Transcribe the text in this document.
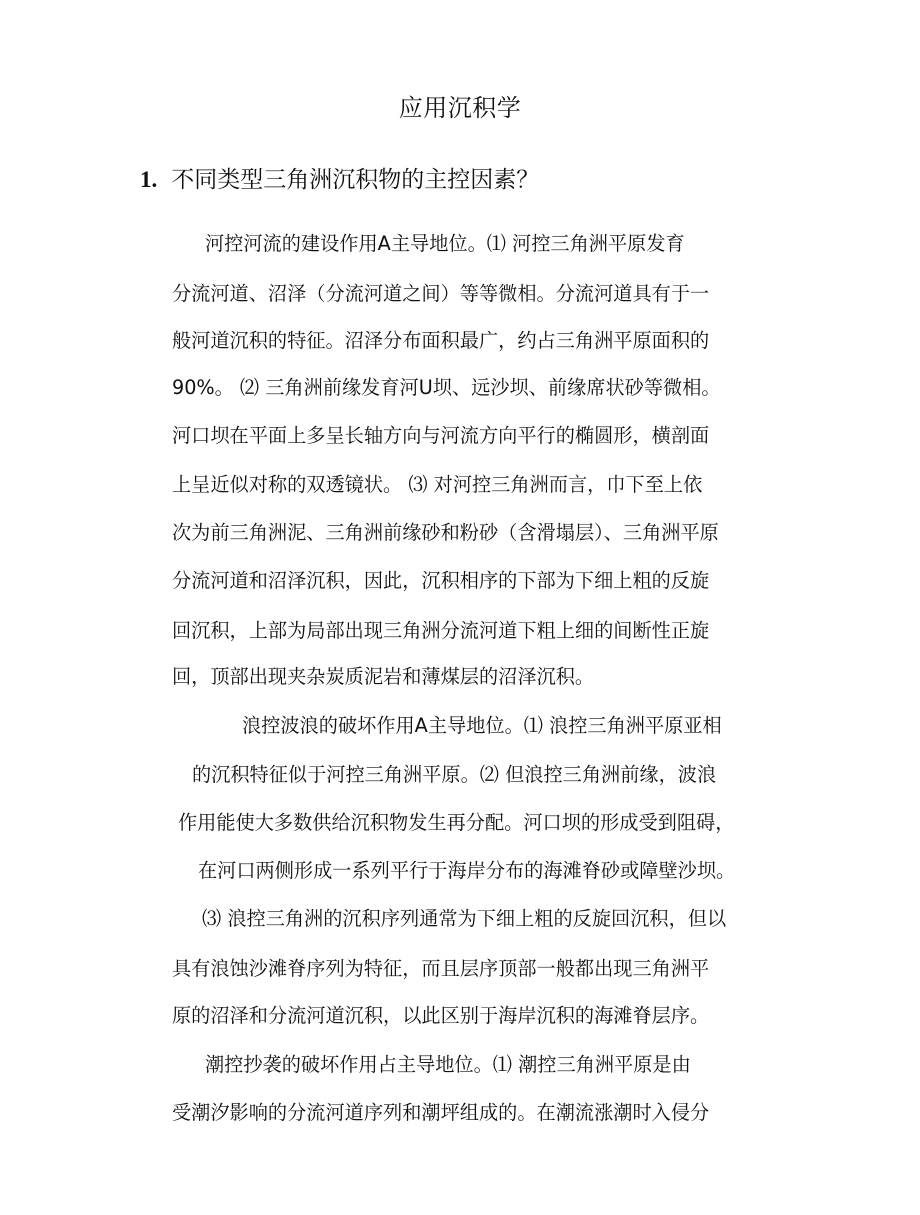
应用沉积学
1. 不同类型三角洲沉积物的主控因素？
河控河流的建设作用A主导地位。⑴ 河控三角洲平原发育
分流河道、沼泽（分流河道之间）等等微相。分流河道具有于一
般河道沉积的特征。沼泽分布面积最广，约占三角洲平原面积的
90%。 ⑵ 三角洲前缘发育河U坝、远沙坝、前缘席状砂等微相。
河口坝在平面上多呈长轴方向与河流方向平行的椭圆形，横剖面
上呈近似对称的双透镜状。 ⑶ 对河控三角洲而言，巾下至上依
次为前三角洲泥、三角洲前缘砂和粉砂（含滑塌层）、三角洲平原
分流河道和沼泽沉积，因此，沉积相序的下部为下细上粗的反旋
回沉积，上部为局部出现三角洲分流河道下粗上细的间断性正旋
回，顶部出现夹杂炭质泥岩和薄煤层的沼泽沉积。
浪控波浪的破坏作用A主导地位。⑴ 浪控三角洲平原亚相
的沉积特征似于河控三角洲平原。⑵ 但浪控三角洲前缘，波浪
作用能使大多数供给沉积物发生再分配。河口坝的形成受到阻碍，
在河口两侧形成一系列平行于海岸分布的海滩脊砂或障壁沙坝。
⑶ 浪控三角洲的沉积序列通常为下细上粗的反旋回沉积，但以
具有浪蚀沙滩脊序列为特征，而且层序顶部一般都出现三角洲平
原的沼泽和分流河道沉积，以此区别于海岸沉积的海滩脊层序。
潮控抄袭的破坏作用占主导地位。⑴ 潮控三角洲平原是由
受潮汐影响的分流河道序列和潮坪组成的。在潮流涨潮时入侵分
